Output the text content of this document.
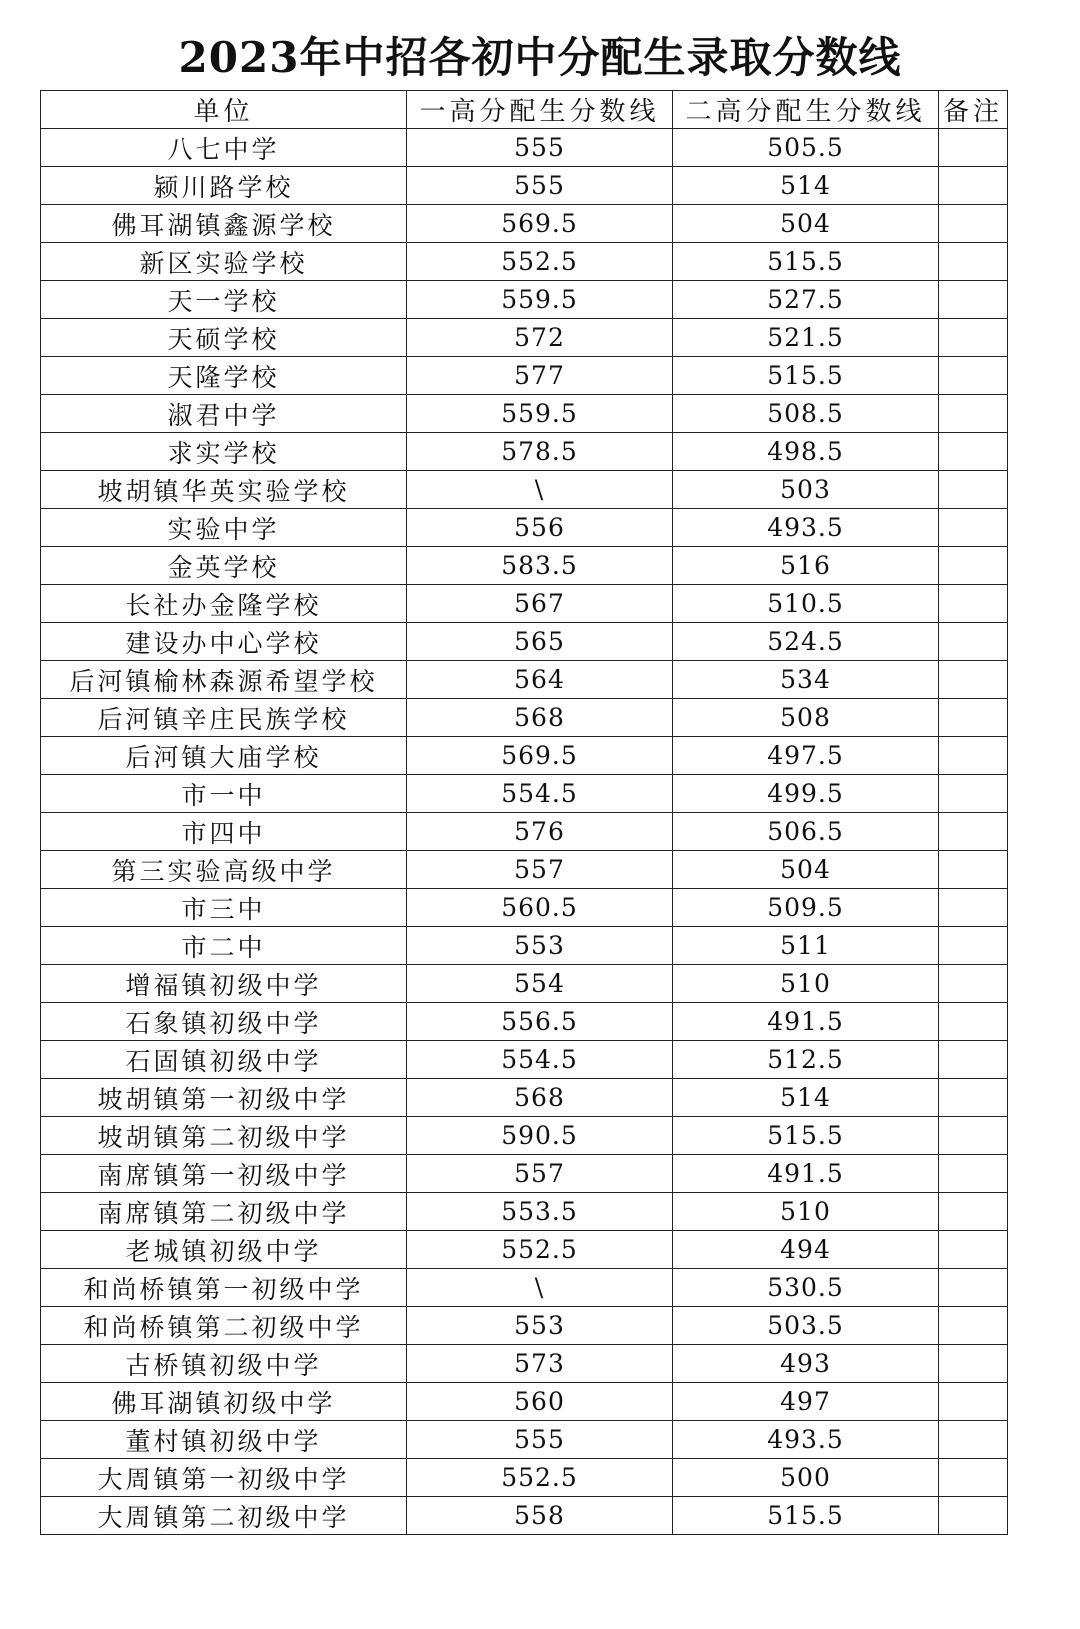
2023年中招各初中分配生录取分数线
单位	一高分配生分数线	二高分配生分数线	备注
八七中学	555	505.5	
颍川路学校	555	514	
佛耳湖镇鑫源学校	569.5	504	
新区实验学校	552.5	515.5	
天一学校	559.5	527.5	
天硕学校	572	521.5	
天隆学校	577	515.5	
淑君中学	559.5	508.5	
求实学校	578.5	498.5	
坡胡镇华英实验学校	\	503	
实验中学	556	493.5	
金英学校	583.5	516	
长社办金隆学校	567	510.5	
建设办中心学校	565	524.5	
后河镇榆林森源希望学校	564	534	
后河镇辛庄民族学校	568	508	
后河镇大庙学校	569.5	497.5	
市一中	554.5	499.5	
市四中	576	506.5	
第三实验高级中学	557	504	
市三中	560.5	509.5	
市二中	553	511	
增福镇初级中学	554	510	
石象镇初级中学	556.5	491.5	
石固镇初级中学	554.5	512.5	
坡胡镇第一初级中学	568	514	
坡胡镇第二初级中学	590.5	515.5	
南席镇第一初级中学	557	491.5	
南席镇第二初级中学	553.5	510	
老城镇初级中学	552.5	494	
和尚桥镇第一初级中学	\	530.5	
和尚桥镇第二初级中学	553	503.5	
古桥镇初级中学	573	493	
佛耳湖镇初级中学	560	497	
董村镇初级中学	555	493.5	
大周镇第一初级中学	552.5	500	
大周镇第二初级中学	558	515.5	
